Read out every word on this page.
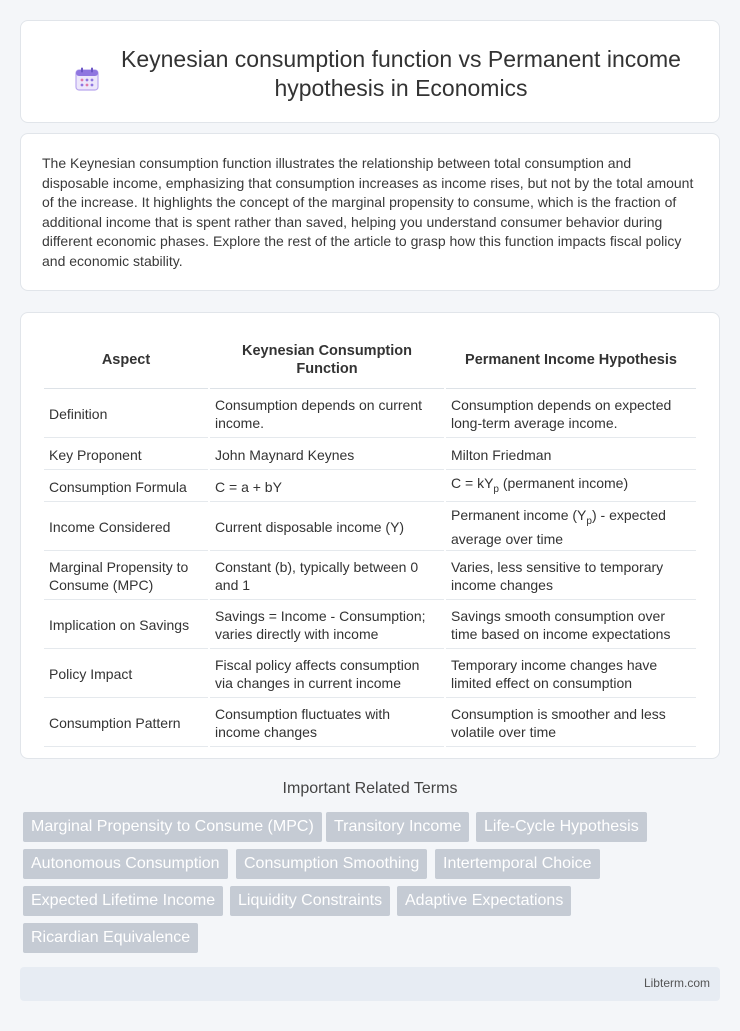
Keynesian consumption function vs Permanent income hypothesis in Economics

The Keynesian consumption function illustrates the relationship between total consumption and disposable income, emphasizing that consumption increases as income rises, but not by the total amount of the increase. It highlights the concept of the marginal propensity to consume, which is the fraction of additional income that is spent rather than saved, helping you understand consumer behavior during different economic phases. Explore the rest of the article to grasp how this function impacts fiscal policy and economic stability.

Aspect	Keynesian Consumption Function	Permanent Income Hypothesis
Definition	Consumption depends on current income.	Consumption depends on expected long-term average income.
Key Proponent	John Maynard Keynes	Milton Friedman
Consumption Formula	C = a + bY	$C = kY_p$ (permanent income)
Income Considered	Current disposable income (Y)	Permanent income $(Y_p)$ - expected average over time
Marginal Propensity to Consume (MPC)	Constant (b), typically between 0 and 1	Varies, less sensitive to temporary income changes
Implication on Savings	Savings = Income - Consumption; varies directly with income	Savings smooth consumption over time based on income expectations
Policy Impact	Fiscal policy affects consumption via changes in current income	Temporary income changes have limited effect on consumption
Consumption Pattern	Consumption fluctuates with income changes	Consumption is smoother and less volatile over time
Important Related Terms
Marginal Propensity to Consume (MPC)	Transitory Income	Life-Cycle Hypothesis
Autonomous Consumption	Consumption Smoothing	Intertemporal Choice
Expected Lifetime Income	Liquidity Constraints	Adaptive Expectations
Ricardian Equivalence
Libterm.com
